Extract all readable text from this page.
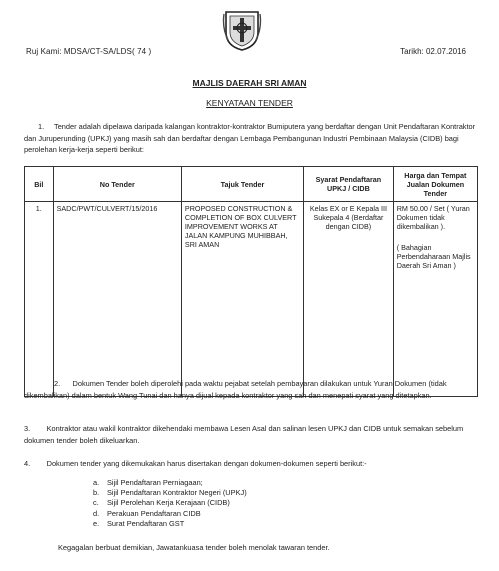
Ruj Kami: MDSA/CT-SA/LDS( 74 )	Tarikh: 02.07.2016
MAJLIS DAERAH SRI AMAN
KENYATAAN TENDER
1.	Tender adalah dipelawa daripada kalangan kontraktor-kontraktor Bumiputera yang berdaftar dengan Unit Pendaftaran Kontraktor dan Juruperunding (UPKJ) yang masih sah dan berdaftar dengan Lembaga Pembangunan Industri Pembinaan Malaysia (CIDB) bagi perolehan kerja-kerja seperti berikut:
Bil	No Tender	Tajuk Tender	Syarat Pendaftaran UPKJ / CIDB	Harga dan Tempat Jualan Dokumen Tender
1.	SADC/PWT/CULVERT/15/2016	PROPOSED CONSTRUCTION & COMPLETION OF BOX CULVERT IMPROVEMENT WORKS AT JALAN KAMPUNG MUHIBBAH, SRI AMAN	Kelas EX or E Kepala III Sukepala 4 (Berdaftar dengan CIDB)	RM 50.00 / Set ( Yuran Dokumen tidak dikembalikan ).
( Bahagian Perbendaharaan Majlis Daerah Sri Aman )
2. Dokumen Tender boleh diperolehi pada waktu pejabat setelah pembayaran dilakukan untuk Yuran Dokumen (tidak dikembalikan) dalam bentuk Wang Tunai dan hanya dijual kepada kontraktor yang sah dan menepati syarat yang ditetapkan.
3. Kontraktor atau wakil kontraktor dikehendaki membawa Lesen Asal dan salinan lesen UPKJ dan CIDB untuk semakan sebelum dokumen tender boleh dikeluarkan.
4. Dokumen tender yang dikemukakan harus disertakan dengan dokumen-dokumen seperti berikut:-
a.	Sijil Pendaftaran Perniagaan;
b.	Sijil Pendaftaran Kontraktor Negeri (UPKJ)
c.	Sijil Perolehan Kerja Kerajaan (CIDB)
d.	Perakuan Pendaftaran CIDB
e.	Surat Pendaftaran GST
Kegagalan berbuat demikian, Jawatankuasa tender boleh menolak tawaran tender.
